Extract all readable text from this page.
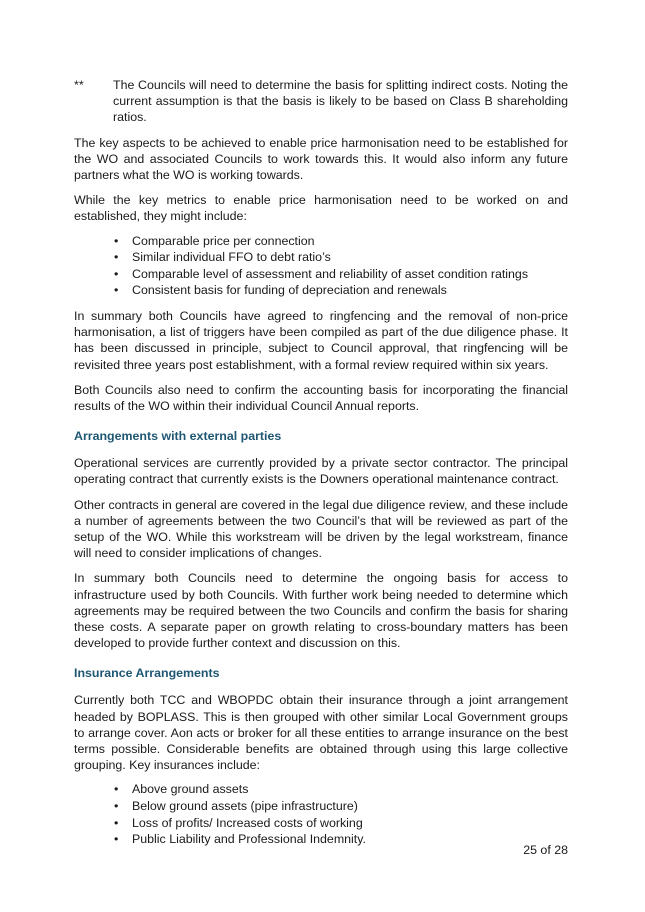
**	The Councils will need to determine the basis for splitting indirect costs. Noting the current assumption is that the basis is likely to be based on Class B shareholding ratios.

The key aspects to be achieved to enable price harmonisation need to be established for the WO and associated Councils to work towards this. It would also inform any future partners what the WO is working towards.

While the key metrics to enable price harmonisation need to be worked on and established, they might include:

• Comparable price per connection
• Similar individual FFO to debt ratio’s
• Comparable level of assessment and reliability of asset condition ratings
• Consistent basis for funding of depreciation and renewals

In summary both Councils have agreed to ringfencing and the removal of non-price harmonisation, a list of triggers have been compiled as part of the due diligence phase. It has been discussed in principle, subject to Council approval, that ringfencing will be revisited three years post establishment, with a formal review required within six years.

Both Councils also need to confirm the accounting basis for incorporating the financial results of the WO within their individual Council Annual reports.

Arrangements with external parties

Operational services are currently provided by a private sector contractor. The principal operating contract that currently exists is the Downers operational maintenance contract.

Other contracts in general are covered in the legal due diligence review, and these include a number of agreements between the two Council’s that will be reviewed as part of the setup of the WO. While this workstream will be driven by the legal workstream, finance will need to consider implications of changes.

In summary both Councils need to determine the ongoing basis for access to infrastructure used by both Councils. With further work being needed to determine which agreements may be required between the two Councils and confirm the basis for sharing these costs. A separate paper on growth relating to cross-boundary matters has been developed to provide further context and discussion on this.

Insurance Arrangements

Currently both TCC and WBOPDC obtain their insurance through a joint arrangement headed by BOPLASS. This is then grouped with other similar Local Government groups to arrange cover. Aon acts or broker for all these entities to arrange insurance on the best terms possible. Considerable benefits are obtained through using this large collective grouping. Key insurances include:

• Above ground assets
• Below ground assets (pipe infrastructure)
• Loss of profits/ Increased costs of working
• Public Liability and Professional Indemnity.
25 of 28
